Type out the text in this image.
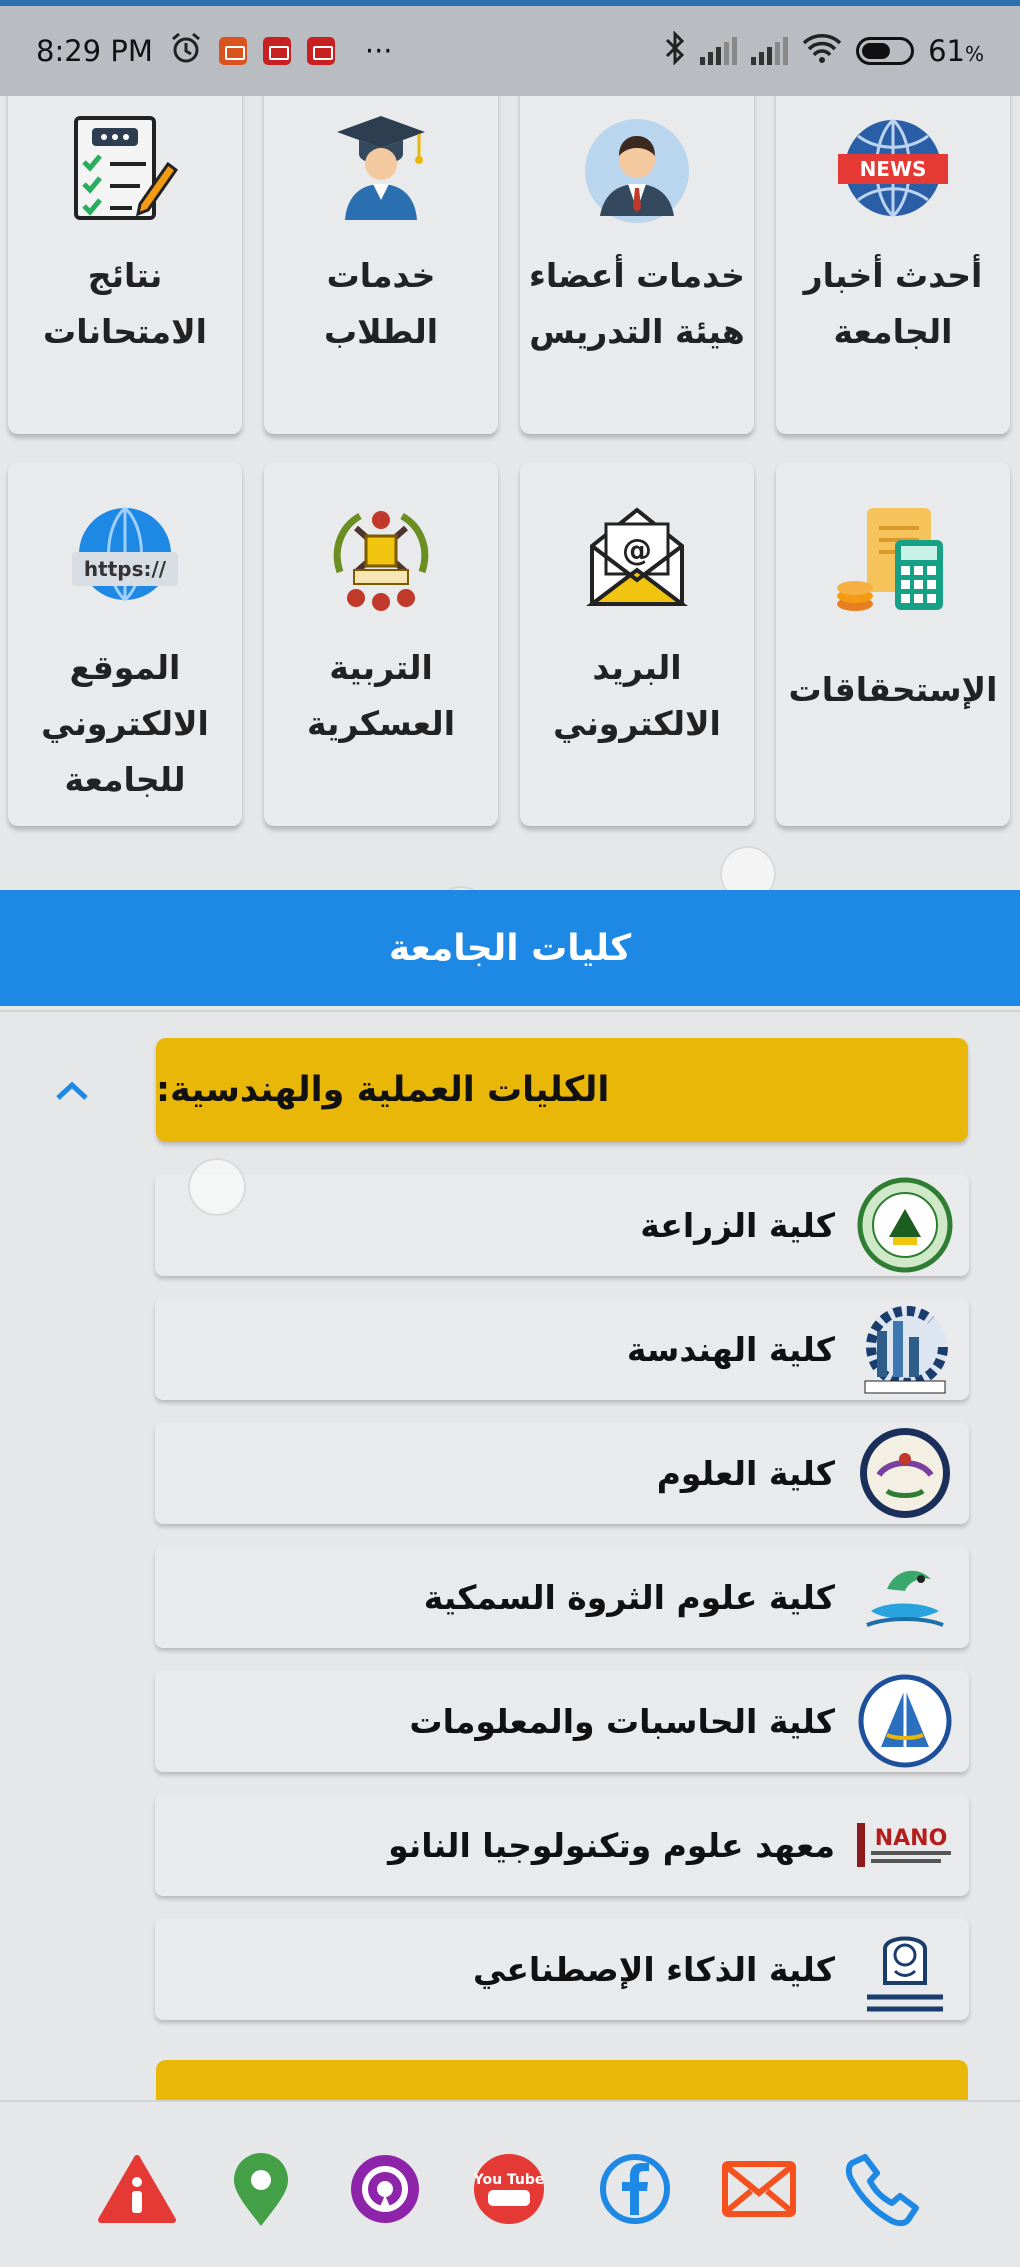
8:29 PM	···	61%
NEWS
أحدث أخبار الجامعة
خدمات أعضاء هيئة التدريس
خدمات الطلاب
نتائج الامتحانات
الإستحقاقات
@
البريد الالكتروني
التربية العسكرية
https://
الموقع الالكتروني للجامعة
كليات الجامعة
الكليات العملية والهندسية:
كلية الزراعة
كلية الهندسة
كلية العلوم
كلية علوم الثروة السمكية
كلية الحاسبات والمعلومات
معهد علوم وتكنولوجيا النانو NANO
كلية الذكاء الإصطناعي
You Tube
